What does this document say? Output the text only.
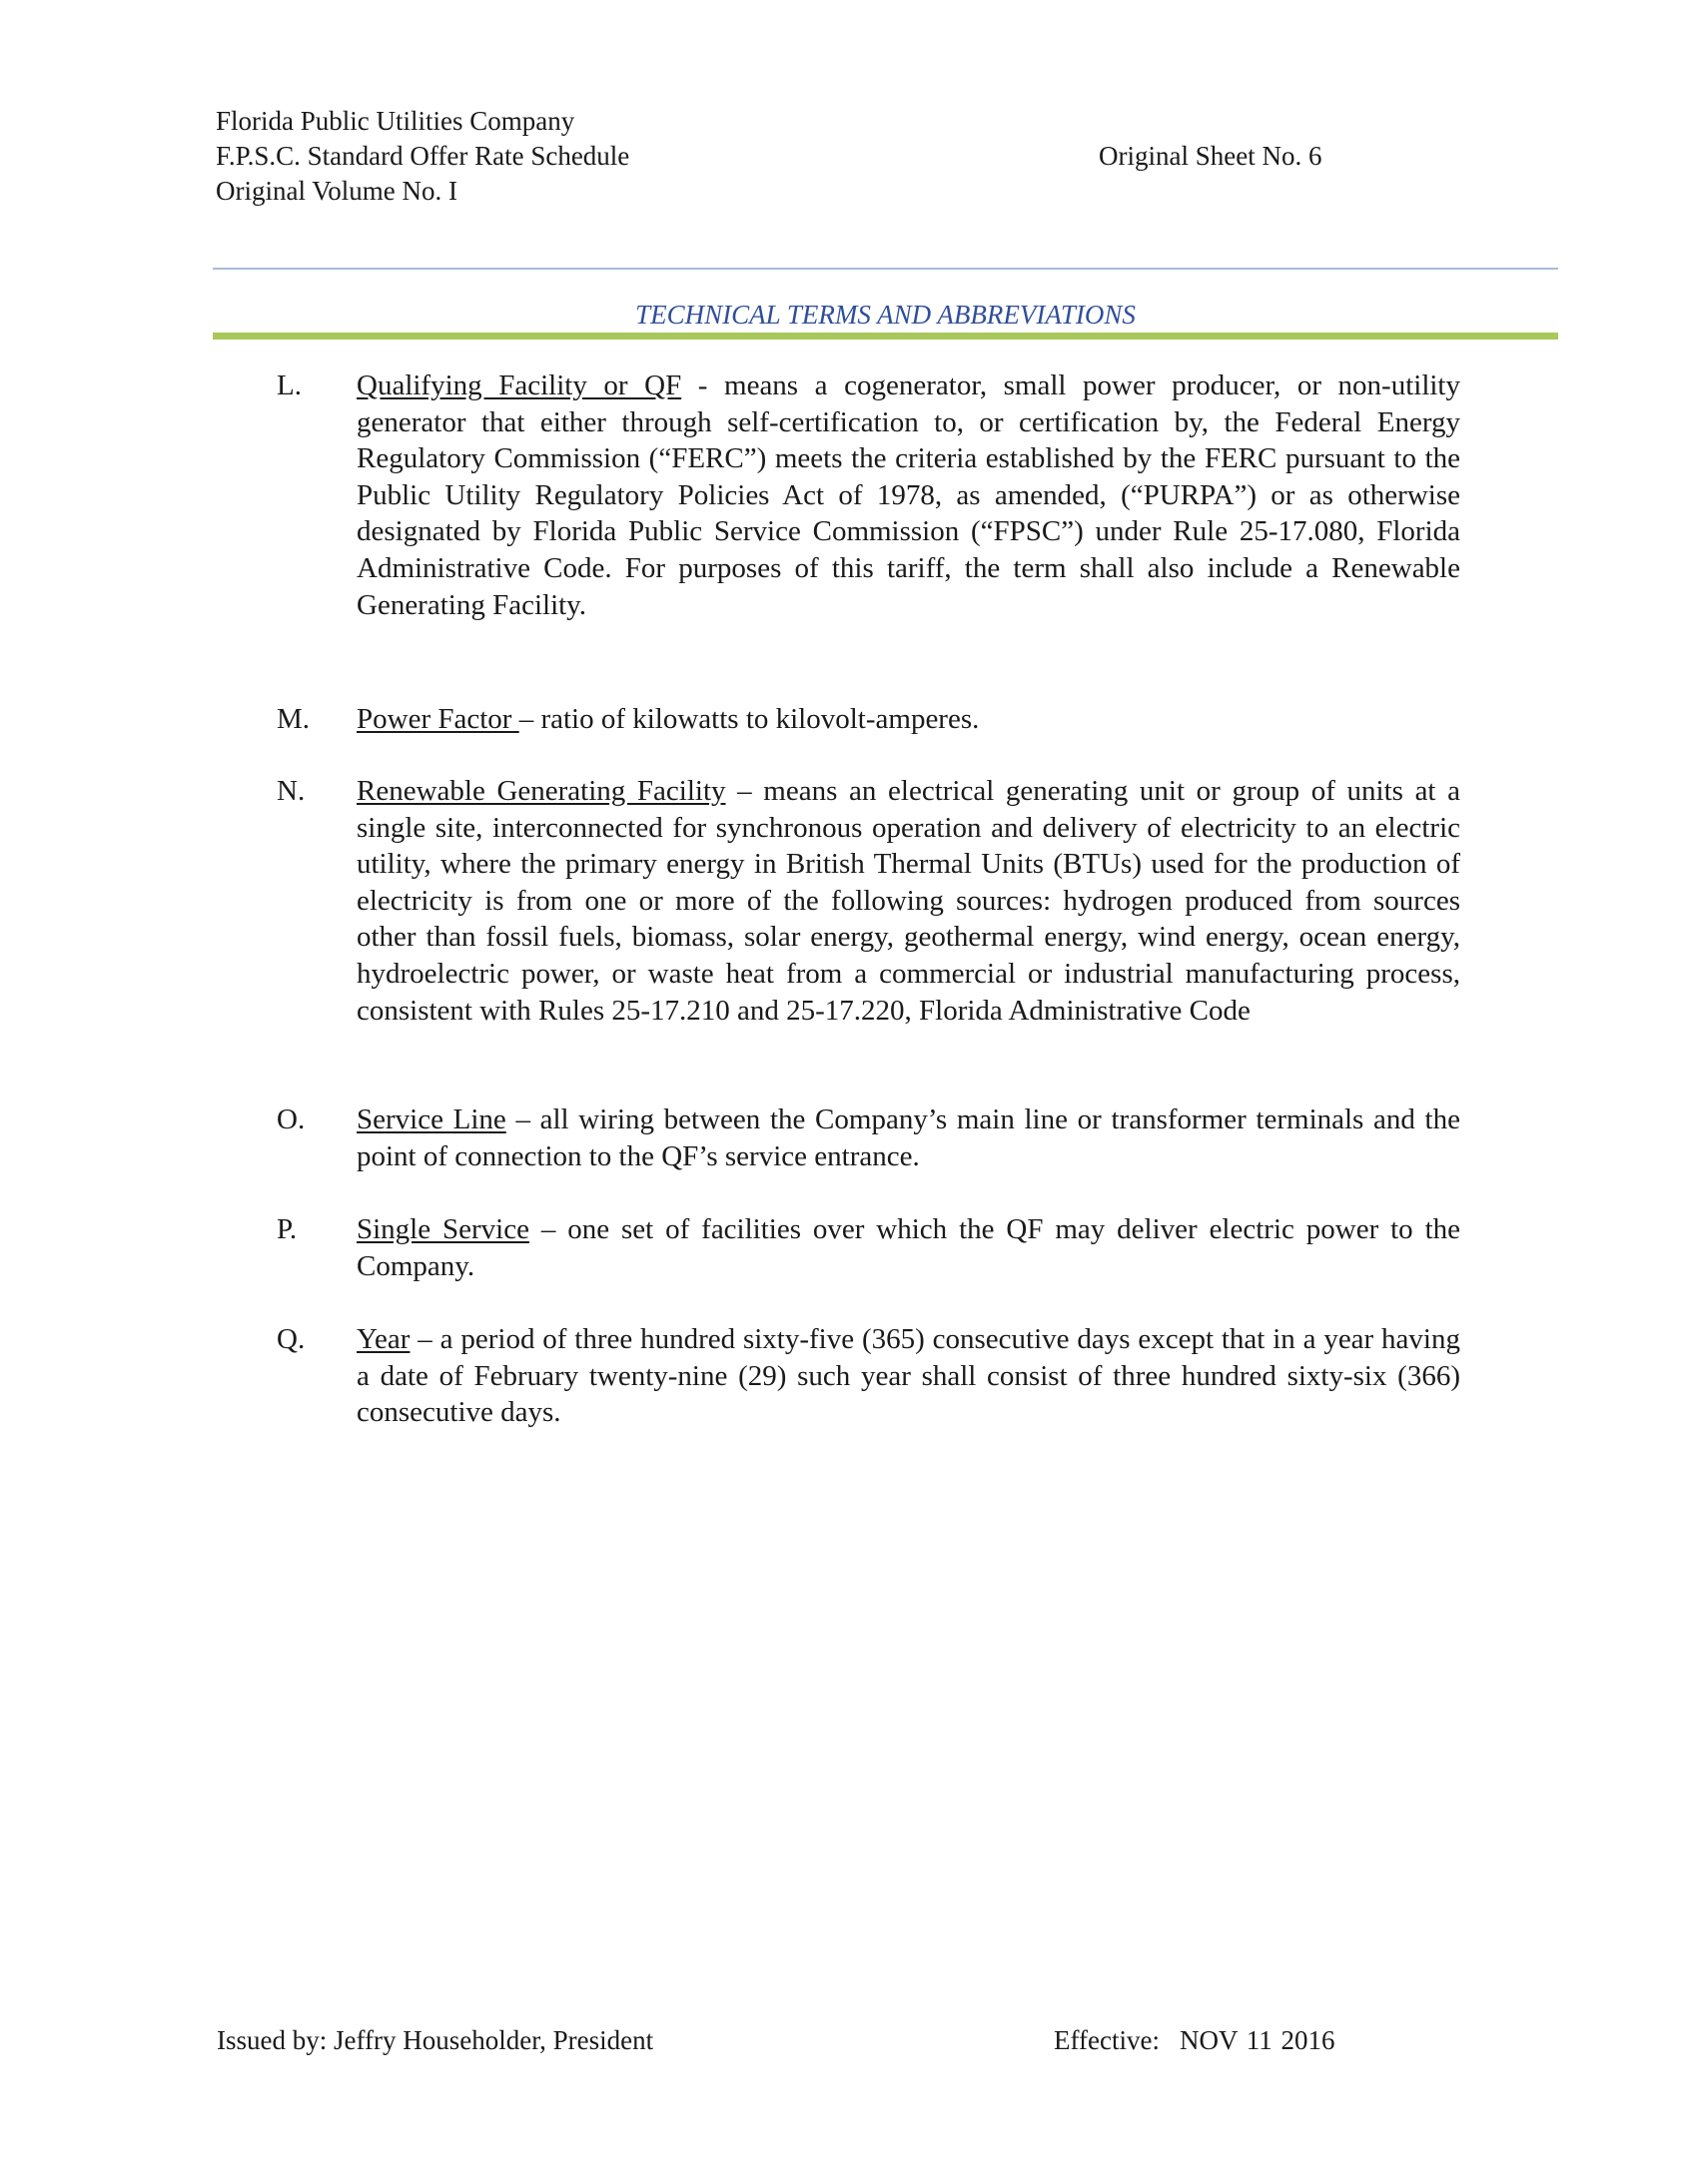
Florida Public Utilities Company
F.P.S.C. Standard Offer Rate Schedule
Original Volume No. I
Original Sheet No. 6
TECHNICAL TERMS AND ABBREVIATIONS
L. Qualifying Facility or QF - means a cogenerator, small power producer, or non-utility generator that either through self-certification to, or certification by, the Federal Energy Regulatory Commission (“FERC”) meets the criteria established by the FERC pursuant to the Public Utility Regulatory Policies Act of 1978, as amended, (“PURPA”) or as otherwise designated by Florida Public Service Commission (“FPSC”) under Rule 25-17.080, Florida Administrative Code. For purposes of this tariff, the term shall also include a Renewable Generating Facility.
M. Power Factor – ratio of kilowatts to kilovolt-amperes.
N. Renewable Generating Facility – means an electrical generating unit or group of units at a single site, interconnected for synchronous operation and delivery of electricity to an electric utility, where the primary energy in British Thermal Units (BTUs) used for the production of electricity is from one or more of the following sources: hydrogen produced from sources other than fossil fuels, biomass, solar energy, geothermal energy, wind energy, ocean energy, hydroelectric power, or waste heat from a commercial or industrial manufacturing process, consistent with Rules 25-17.210 and 25-17.220, Florida Administrative Code
O. Service Line – all wiring between the Company’s main line or transformer terminals and the point of connection to the QF’s service entrance.
P. Single Service – one set of facilities over which the QF may deliver electric power to the Company.
Q. Year – a period of three hundred sixty-five (365) consecutive days except that in a year having a date of February twenty-nine (29) such year shall consist of three hundred sixty-six (366) consecutive days.
Issued by: Jeffry Householder, President	Effective: NOV 11 2016
